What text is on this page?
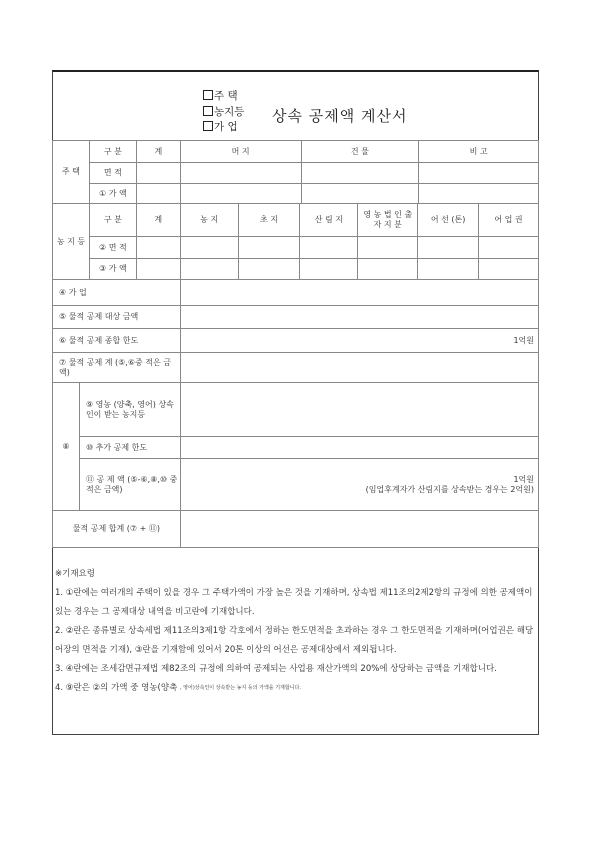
주 택
농지등
가 업
상속 공제액 계산서
주 택	구 분	계	머 지	건 물	비 고
	면 적				
	① 가 액				
농 지 등	구 분	계	농 지	초 지	산 림 지	영 농 법 인 출 자 지 분	어 선 (톤)	어 업 권
	② 면 적							
	③ 가 액							
④ 가 업		
⑤ 물적 공제 대상 금액		
⑥ 물적 공제 종합 한도		1억원
⑦ 물적 공제 계 (⑤,⑥중 적은 금액)		
⑧	⑨ 영농 (양축, 영어) 상속인이 받는 농지등	
	⑩ 추가 공제 한도	
	⑪ 공 제 액 (⑤-⑥,⑧,⑩ 중 적은 금액)	1억원
(임업후계자가 산림지를 상속받는 경우는 2억원)

물적 공제 합계 (⑦ + ⑪)		

※기재요령

1. ①란에는 여러개의 주택이 있을 경우 그 주택가액이 가장 높은 것을 기재하며, 상속법 제11조의2제2항의 규정에 의한 공제액이 있는 경우는 그 공제대상 내역을 비고란에 기재합니다.

2. ②란은 종류별로 상속세법 제11조의3제1항 각호에서 정하는 한도면적을 초과하는 경우 그 한도면적을 기재하며(어업권은 해당어장의 면적을 기재), ③란을 기재함에 있어서 20톤 이상의 어선은 공제대상에서 제외됩니다.

3. ④란에는 조세감면규제법 제82조의 규정에 의하여 공제되는 사업용 재산가액의 20%에 상당하는 금액을 기재합니다.

4. ⑨란은 ②의 가액 중 영농(양축 , 영어)상속인이 상속받는 농지 등의 가액을 기재합니다.
